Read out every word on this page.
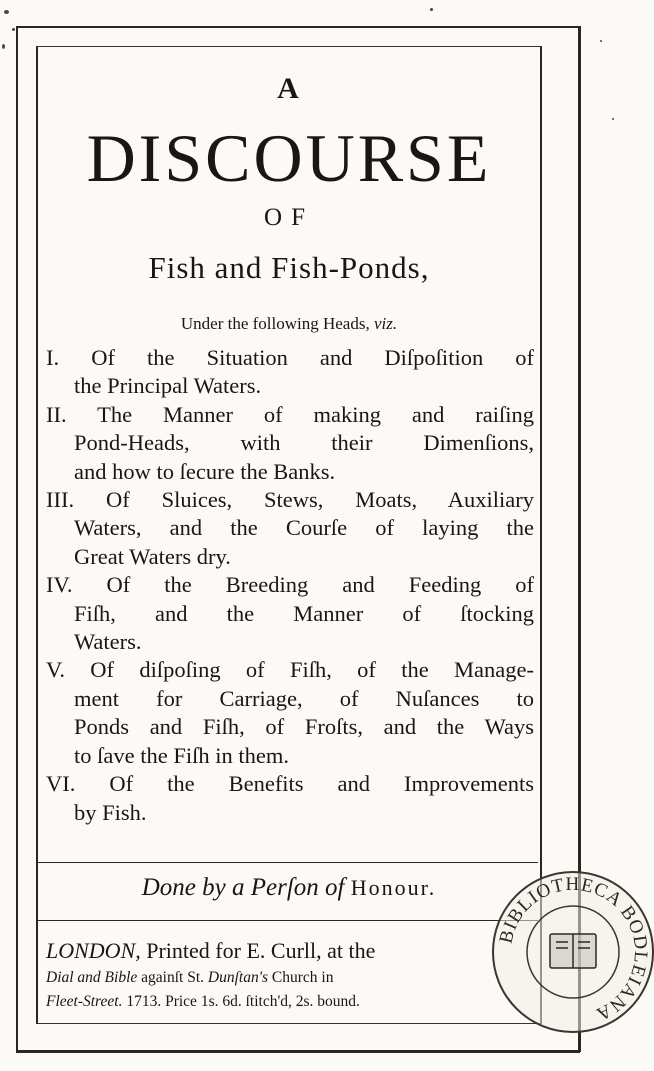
A
DISCOURSE
OF
Fish and Fish-Ponds,
Under the following Heads, viz.
I. Of the Situation and Diſpoſition of
the Principal Waters.
II. The Manner of making and raiſing
Pond-Heads, with their Dimenſions,
and how to ſecure the Banks.
III. Of Sluices, Stews, Moats, Auxiliary
Waters, and the Courſe of laying the
Great Waters dry.
IV. Of the Breeding and Feeding of
Fiſh, and the Manner of ſtocking
Waters.
V. Of diſpoſing of Fiſh, of the Manage-
ment for Carriage, of Nuſances to
Ponds and Fiſh, of Froſts, and the Ways
to ſave the Fiſh in them.
VI. Of the Benefits and Improvements
by Fish.
Done by a Perſon of Honour.
LONDON, Printed for E. Curll, at the
Dial and Bible againſt St. Dunſtan's Church in
Fleet-Street. 1713. Price 1s. 6d. ſtitch'd, 2s. bound.
BIBLIOTHECA BODLEIANA
